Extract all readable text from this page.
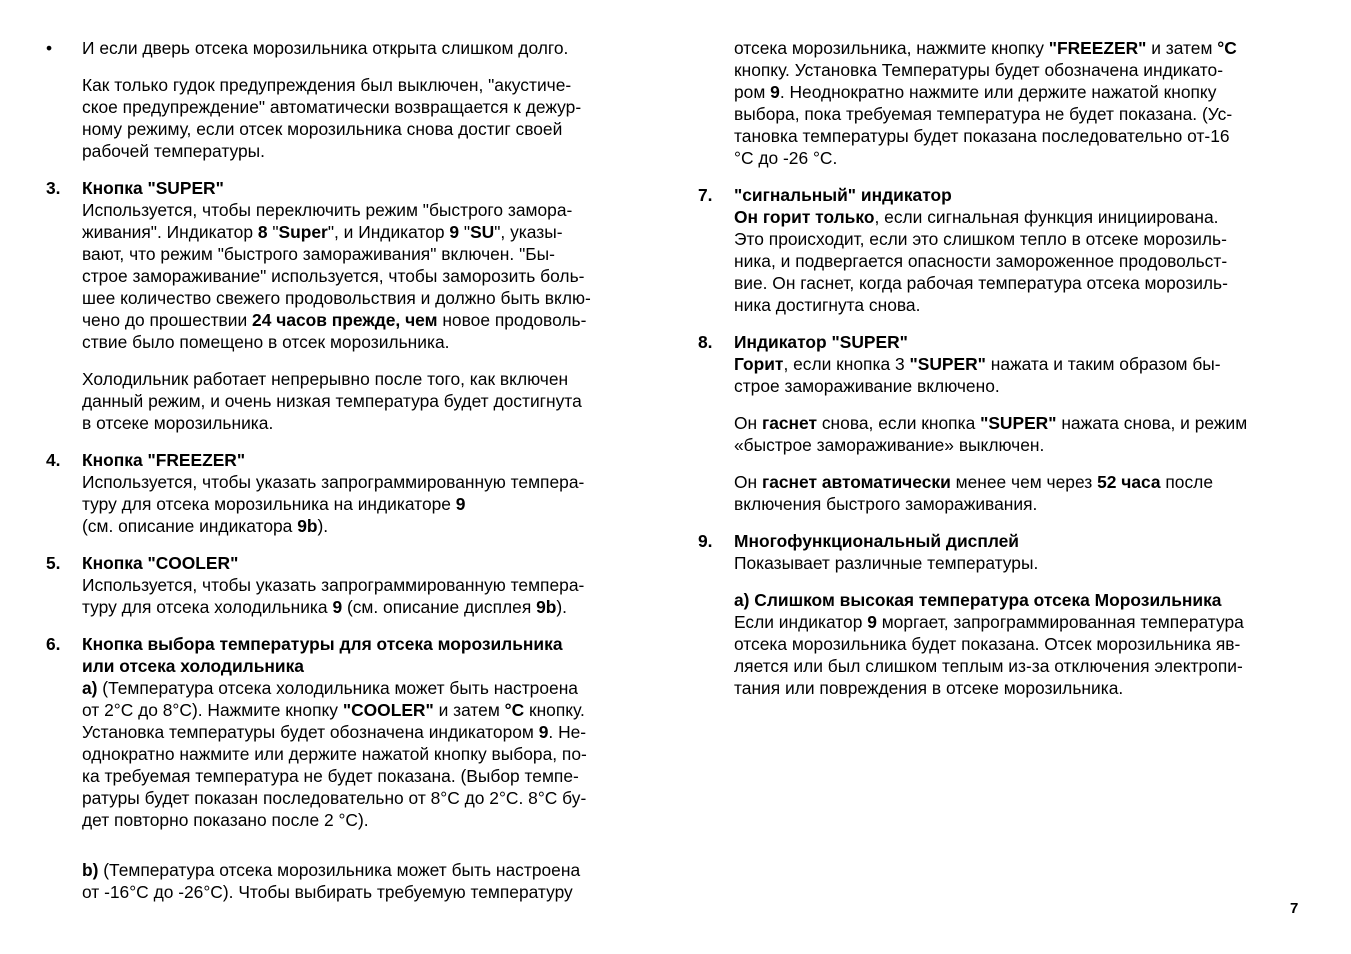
•	И если дверь отсека морозильника открыта слишком долго.
Как только гудок предупреждения был выключен, "акустиче-
ское предупреждение" автоматически возвращается к дежур-
ному режиму, если отсек морозильника снова достиг своей
рабочей температуры.
3. Кнопка "SUPER"
Используется, чтобы переключить режим "быстрого замора-
живания". Индикатор 8 "Super", и Индикатор 9 "SU", указы-
вают, что режим "быстрого замораживания" включен. "Бы-
строе замораживание" используется, чтобы заморозить боль-
шее количество свежего продовольствия и должно быть вклю-
чено до прошествии 24 часов прежде, чем новое продоволь-
ствие было помещено в отсек морозильника.
Холодильник работает непрерывно после того, как включен
данный режим, и очень низкая температура будет достигнута
в отсеке морозильника.
4. Кнопка "FREEZER"
Используется, чтобы указать запрограммированную темпера-
туру для отсека морозильника на индикаторе 9
(см. описание индикатора 9b).
5. Кнопка "COOLER"
Используется, чтобы указать запрограммированную темпера-
туру для отсека холодильника 9 (см. описание дисплея 9b).
6. Кнопка выбора температуры для отсека морозильника
или отсека холодильника
a) (Температура отсека холодильника может быть настроена
от 2°C до 8°C). Нажмите кнопку "COOLER" и затем °C кнопку.
Установка температуры будет обозначена индикатором 9. Не-
однократно нажмите или держите нажатой кнопку выбора, по-
ка требуемая температура не будет показана. (Выбор темпе-
ратуры будет показан последовательно от 8°C до 2°C. 8°C бу-
дет повторно показано после 2 °C).
b) (Температура отсека морозильника может быть настроена
от -16°C до -26°C). Чтобы выбирать требуемую температуру
отсека морозильника, нажмите кнопку "FREEZER" и затем °C
кнопку. Установка Температуры будет обозначена индикато-
ром 9. Неоднократно нажмите или держите нажатой кнопку
выбора, пока требуемая температура не будет показана. (Ус-
тановка температуры будет показана последовательно от-16
°C до -26 °C.
7. "сигнальный" индикатор
Он горит только, если сигнальная функция инициирована.
Это происходит, если это слишком тепло в отсеке морозиль-
ника, и подвергается опасности замороженное продовольст-
вие. Он гаснет, когда рабочая температура отсека морозиль-
ника достигнута снова.
8. Индикатор "SUPER"
Горит, если кнопка 3 "SUPER" нажата и таким образом бы-
строе замораживание включено.
Он гаснет снова, если кнопка "SUPER" нажата снова, и режим
«быстрое замораживание» выключен.
Он гаснет автоматически менее чем через 52 часа после
включения быстрого замораживания.
9. Многофункциональный дисплей
Показывает различные температуры.
a) Слишком высокая температура отсека Морозильника
Если индикатор 9 моргает, запрограммированная температура
отсека морозильника будет показана. Отсек морозильника яв-
ляется или был слишком теплым из-за отключения электропи-
тания или повреждения в отсеке морозильника.
7
